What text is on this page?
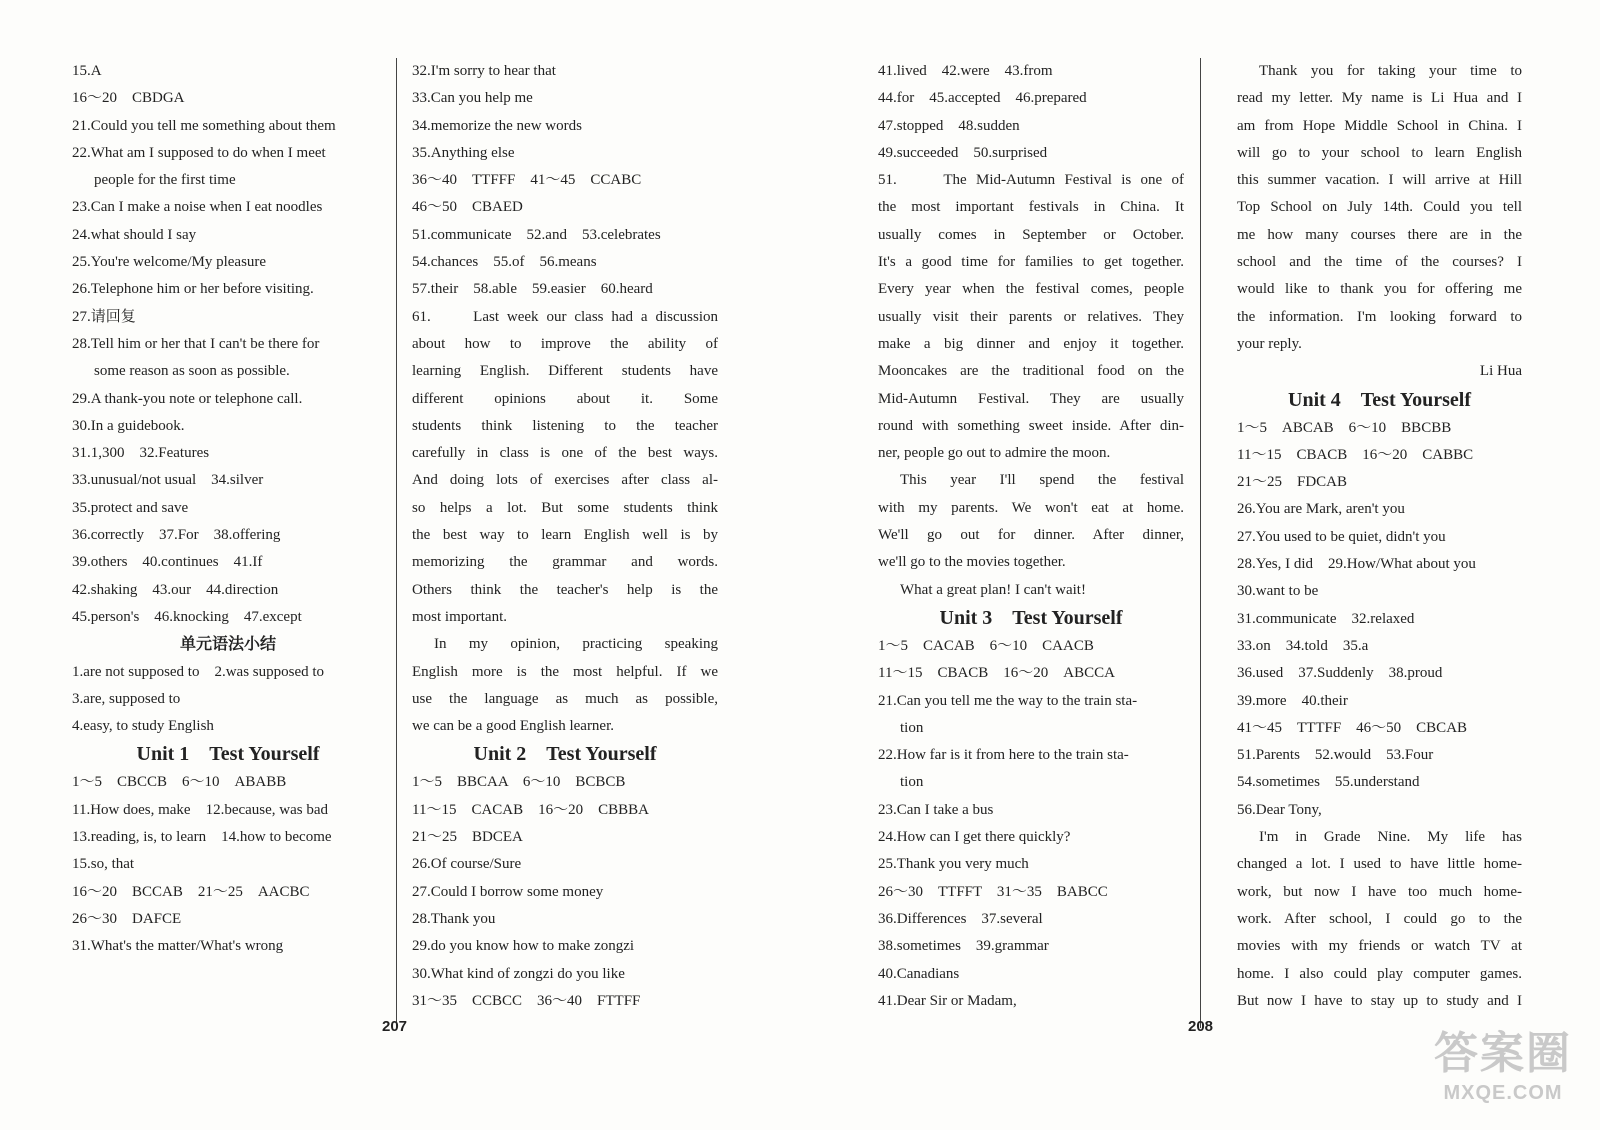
15.A
16～20　CBDGA
21.Could you tell me something about them
22.What am I supposed to do when I meet
people for the first time
23.Can I make a noise when I eat noodles
24.what should I say
25.You're welcome/My pleasure
26.Telephone him or her before visiting.
27.请回复
28.Tell him or her that I can't be there for
some reason as soon as possible.
29.A thank-you note or telephone call.
30.In a guidebook.
31.1,300　32.Features
33.unusual/not usual　34.silver
35.protect and save
36.correctly　37.For　38.offering
39.others　40.continues　41.If
42.shaking　43.our　44.direction
45.person's　46.knocking　47.except
单元语法小结
1.are not supposed to　2.was supposed to
3.are, supposed to
4.easy, to study English
Unit 1　Test Yourself
1～5　CBCCB　6～10　ABABB
11.How does, make　12.because, was bad
13.reading, is, to learn　14.how to become
15.so, that
16～20　BCCAB　21～25　AACBC
26～30　DAFCE
31.What's the matter/What's wrong
32.I'm sorry to hear that
33.Can you help me
34.memorize the new words
35.Anything else
36～40　TTFFF　41～45　CCABC
46～50　CBAED
51.communicate　52.and　53.celebrates
54.chances　55.of　56.means
57.their　58.able　59.easier　60.heard
61.　　Last week our class had a discussion
about how to improve the ability of
learning English. Different students have
different opinions about it. Some
students think listening to the teacher
carefully in class is one of the best ways.
And doing lots of exercises after class al-
so helps a lot. But some students think
the best way to learn English well is by
memorizing the grammar and words.
Others think the teacher's help is the
most important.
In my opinion, practicing speaking
English more is the most helpful. If we
use the language as much as possible,
we can be a good English learner.
Unit 2　Test Yourself
1～5　BBCAA　6～10　BCBCB
11～15　CACAB　16～20　CBBBA
21～25　BDCEA
26.Of course/Sure
27.Could I borrow some money
28.Thank you
29.do you know how to make zongzi
30.What kind of zongzi do you like
31～35　CCBCC　36～40　FTTFF
207
41.lived　42.were　43.from
44.for　45.accepted　46.prepared
47.stopped　48.sudden
49.succeeded　50.surprised
51.　　The Mid-Autumn Festival is one of
the most important festivals in China. It
usually comes in September or October.
It's a good time for families to get together.
Every year when the festival comes, people
usually visit their parents or relatives. They
make a big dinner and enjoy it together.
Mooncakes are the traditional food on the
Mid-Autumn Festival. They are usually
round with something sweet inside. After din-
ner, people go out to admire the moon.
This year I'll spend the festival
with my parents. We won't eat at home.
We'll go out for dinner. After dinner,
we'll go to the movies together.
What a great plan! I can't wait!
Unit 3　Test Yourself
1～5　CACAB　6～10　CAACB
11～15　CBACB　16～20　ABCCA
21.Can you tell me the way to the train sta-
tion
22.How far is it from here to the train sta-
tion
23.Can I take a bus
24.How can I get there quickly?
25.Thank you very much
26～30　TTFFT　31～35　BABCC
36.Differences　37.several
38.sometimes　39.grammar
40.Canadians
41.Dear Sir or Madam,
Thank you for taking your time to
read my letter. My name is Li Hua and I
am from Hope Middle School in China. I
will go to your school to learn English
this summer vacation. I will arrive at Hill
Top School on July 14th. Could you tell
me how many courses there are in the
school and the time of the courses? I
would like to thank you for offering me
the information. I'm looking forward to
your reply.
Li Hua
Unit 4　Test Yourself
1～5　ABCAB　6～10　BBCBB
11～15　CBACB　16～20　CABBC
21～25　FDCAB
26.You are Mark, aren't you
27.You used to be quiet, didn't you
28.Yes, I did　29.How/What about you
30.want to be
31.communicate　32.relaxed
33.on　34.told　35.a
36.used　37.Suddenly　38.proud
39.more　40.their
41～45　TTTFF　46～50　CBCAB
51.Parents　52.would　53.Four
54.sometimes　55.understand
56.Dear Tony,
I'm in Grade Nine. My life has
changed a lot. I used to have little home-
work, but now I have too much home-
work. After school, I could go to the
movies with my friends or watch TV at
home. I also could play computer games.
But now I have to stay up to study and I
208
答案圈
MXQE.COM
